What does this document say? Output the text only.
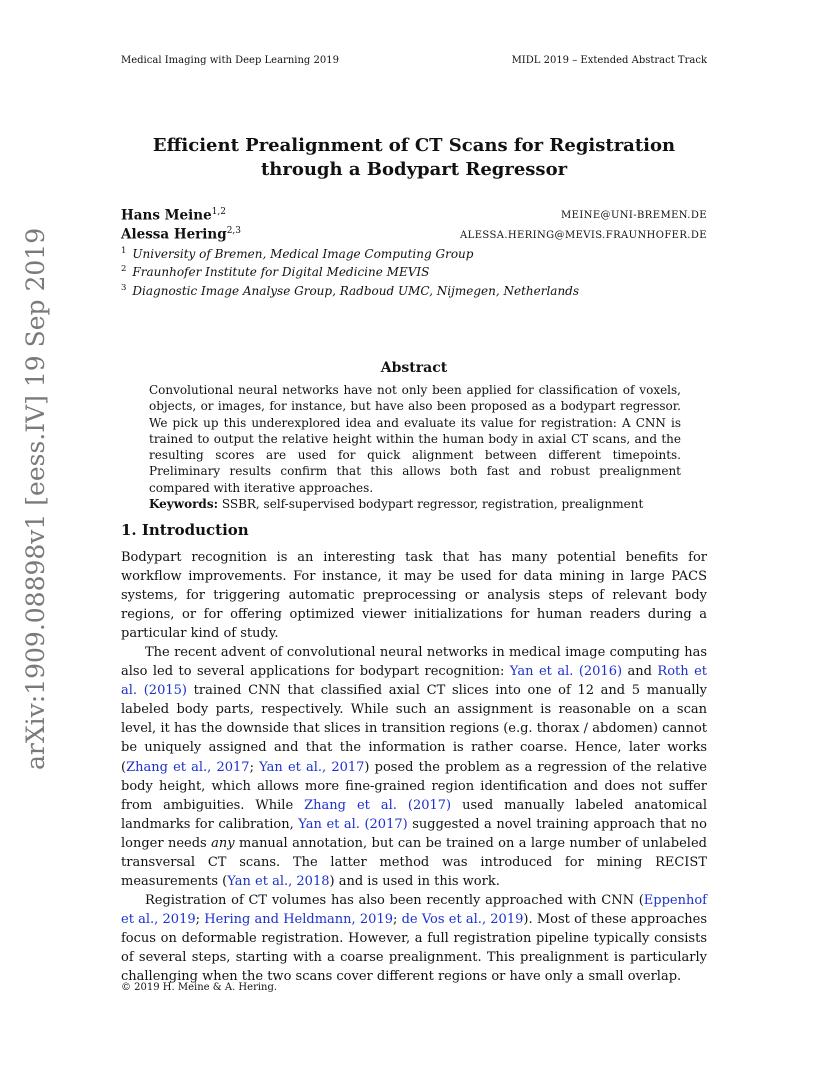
Medical Imaging with Deep Learning 2019	MIDL 2019 – Extended Abstract Track
Efficient Prealignment of CT Scans for Registration
through a Bodypart Regressor
Hans Meine$^{1,2}$	MEINE@UNI-BREMEN.DE
Alessa Hering$^{2,3}$	ALESSA.HERING@MEVIS.FRAUNHOFER.DE
$^1$ University of Bremen, Medical Image Computing Group
$^2$ Fraunhofer Institute for Digital Medicine MEVIS
$^3$ Diagnostic Image Analyse Group, Radboud UMC, Nijmegen, Netherlands
Abstract
Convolutional neural networks have not only been applied for classification of voxels, objects, or images, for instance, but have also been proposed as a bodypart regressor. We pick up this underexplored idea and evaluate its value for registration: A CNN is trained to output the relative height within the human body in axial CT scans, and the resulting scores are used for quick alignment between different timepoints. Preliminary results confirm that this allows both fast and robust prealignment compared with iterative approaches.
Keywords: SSBR, self-supervised bodypart regressor, registration, prealignment
1. Introduction

Bodypart recognition is an interesting task that has many potential benefits for workflow improvements. For instance, it may be used for data mining in large PACS systems, for triggering automatic preprocessing or analysis steps of relevant body regions, or for offering optimized viewer initializations for human readers during a particular kind of study.

The recent advent of convolutional neural networks in medical image computing has also led to several applications for bodypart recognition: Yan et al. (2016) and Roth et al. (2015) trained CNN that classified axial CT slices into one of 12 and 5 manually labeled body parts, respectively. While such an assignment is reasonable on a scan level, it has the downside that slices in transition regions (e.g. thorax / abdomen) cannot be uniquely assigned and that the information is rather coarse. Hence, later works (Zhang et al., 2017; Yan et al., 2017) posed the problem as a regression of the relative body height, which allows more fine-grained region identification and does not suffer from ambiguities. While Zhang et al. (2017) used manually labeled anatomical landmarks for calibration, Yan et al. (2017) suggested a novel training approach that no longer needs any manual annotation, but can be trained on a large number of unlabeled transversal CT scans. The latter method was introduced for mining RECIST measurements (Yan et al., 2018) and is used in this work.

Registration of CT volumes has also been recently approached with CNN (Eppenhof et al., 2019; Hering and Heldmann, 2019; de Vos et al., 2019). Most of these approaches focus on deformable registration. However, a full registration pipeline typically consists of several steps, starting with a coarse prealignment. This prealignment is particularly challenging when the two scans cover different regions or have only a small overlap.

© 2019 H. Meine & A. Hering.
arXiv:1909.08898v1 [eess.IV] 19 Sep 2019
